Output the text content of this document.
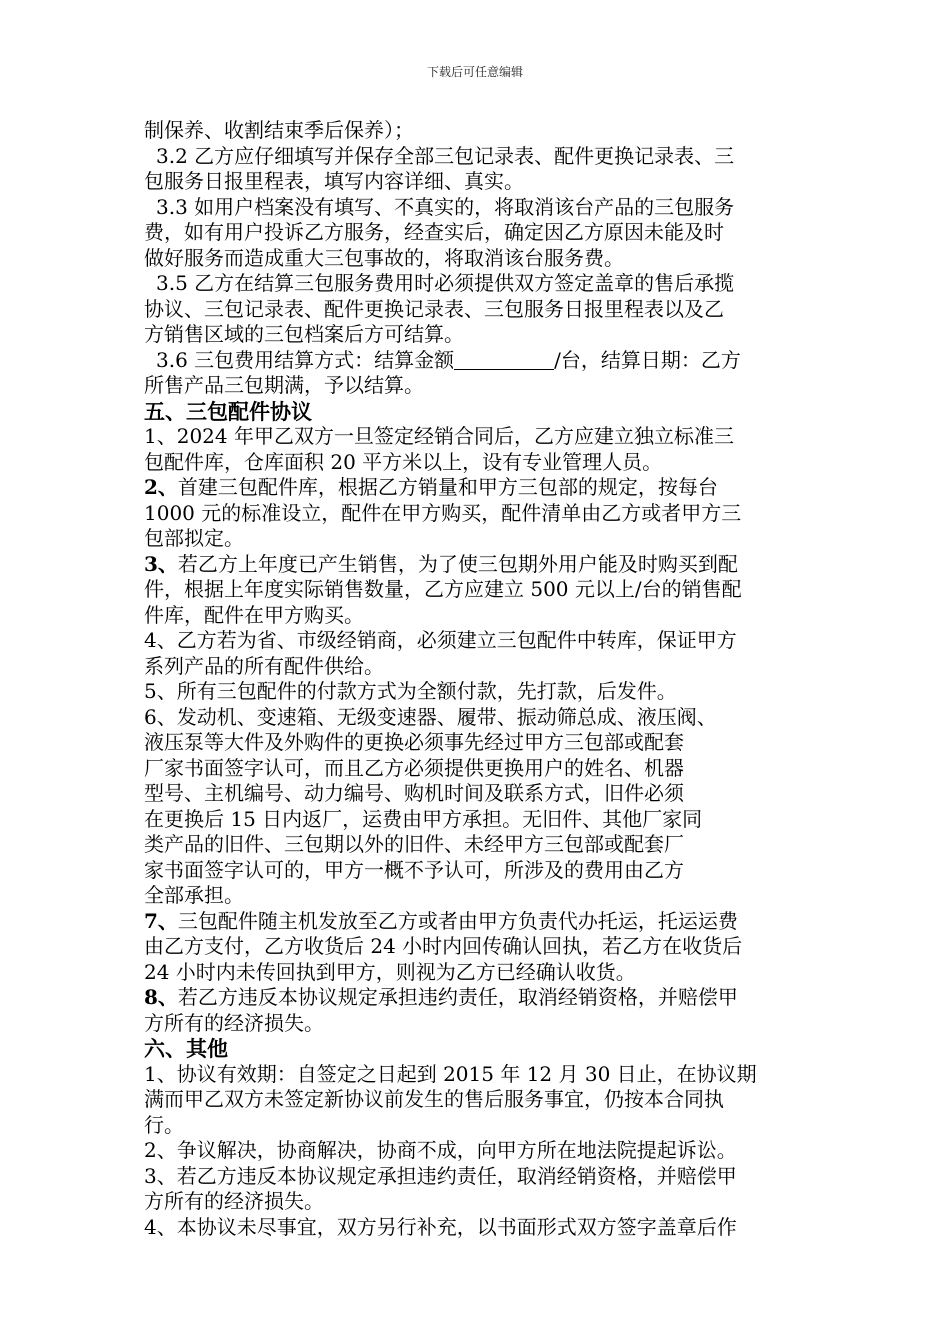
下载后可任意编辑
制保养、收割结束季后保养）；
3.2 乙方应仔细填写并保存全部三包记录表、配件更换记录表、三
包服务日报里程表，填写内容详细、真实。
3.3 如用户档案没有填写、不真实的，将取消该台产品的三包服务
费，如有用户投诉乙方服务，经查实后，确定因乙方原因未能及时
做好服务而造成重大三包事故的，将取消该台服务费。
3.5 乙方在结算三包服务费用时必须提供双方签定盖章的售后承揽
协议、三包记录表、配件更换记录表、三包服务日报里程表以及乙
方销售区域的三包档案后方可结算。
3.6 三包费用结算方式：结算金额	/台，结算日期：乙方
所售产品三包期满，予以结算。
五、三包配件协议
1、2024 年甲乙双方一旦签定经销合同后，乙方应建立独立标准三
包配件库，仓库面积 20 平方米以上，设有专业管理人员。
2、首建三包配件库，根据乙方销量和甲方三包部的规定，按每台
1000 元的标准设立，配件在甲方购买，配件清单由乙方或者甲方三
包部拟定。
3、若乙方上年度已产生销售，为了使三包期外用户能及时购买到配
件，根据上年度实际销售数量，乙方应建立 500 元以上/台的销售配
件库，配件在甲方购买。
4、乙方若为省、市级经销商，必须建立三包配件中转库，保证甲方
系列产品的所有配件供给。
5、所有三包配件的付款方式为全额付款，先打款，后发件。
6、发动机、变速箱、无级变速器、履带、振动筛总成、液压阀、
液压泵等大件及外购件的更换必须事先经过甲方三包部或配套
厂家书面签字认可，而且乙方必须提供更换用户的姓名、机器
型号、主机编号、动力编号、购机时间及联系方式，旧件必须
在更换后 15 日内返厂，运费由甲方承担。无旧件、其他厂家同
类产品的旧件、三包期以外的旧件、未经甲方三包部或配套厂
家书面签字认可的，甲方一概不予认可，所涉及的费用由乙方
全部承担。
7、三包配件随主机发放至乙方或者由甲方负责代办托运，托运运费
由乙方支付，乙方收货后 24 小时内回传确认回执，若乙方在收货后
24 小时内未传回执到甲方，则视为乙方已经确认收货。
8、若乙方违反本协议规定承担违约责任，取消经销资格，并赔偿甲
方所有的经济损失。
六、其他
1、协议有效期：自签定之日起到 2015 年 12 月 30 日止，在协议期
满而甲乙双方未签定新协议前发生的售后服务事宜，仍按本合同执
行。
2、争议解决，协商解决，协商不成，向甲方所在地法院提起诉讼。
3、若乙方违反本协议规定承担违约责任，取消经销资格，并赔偿甲
方所有的经济损失。
4、本协议未尽事宜，双方另行补充，以书面形式双方签字盖章后作
